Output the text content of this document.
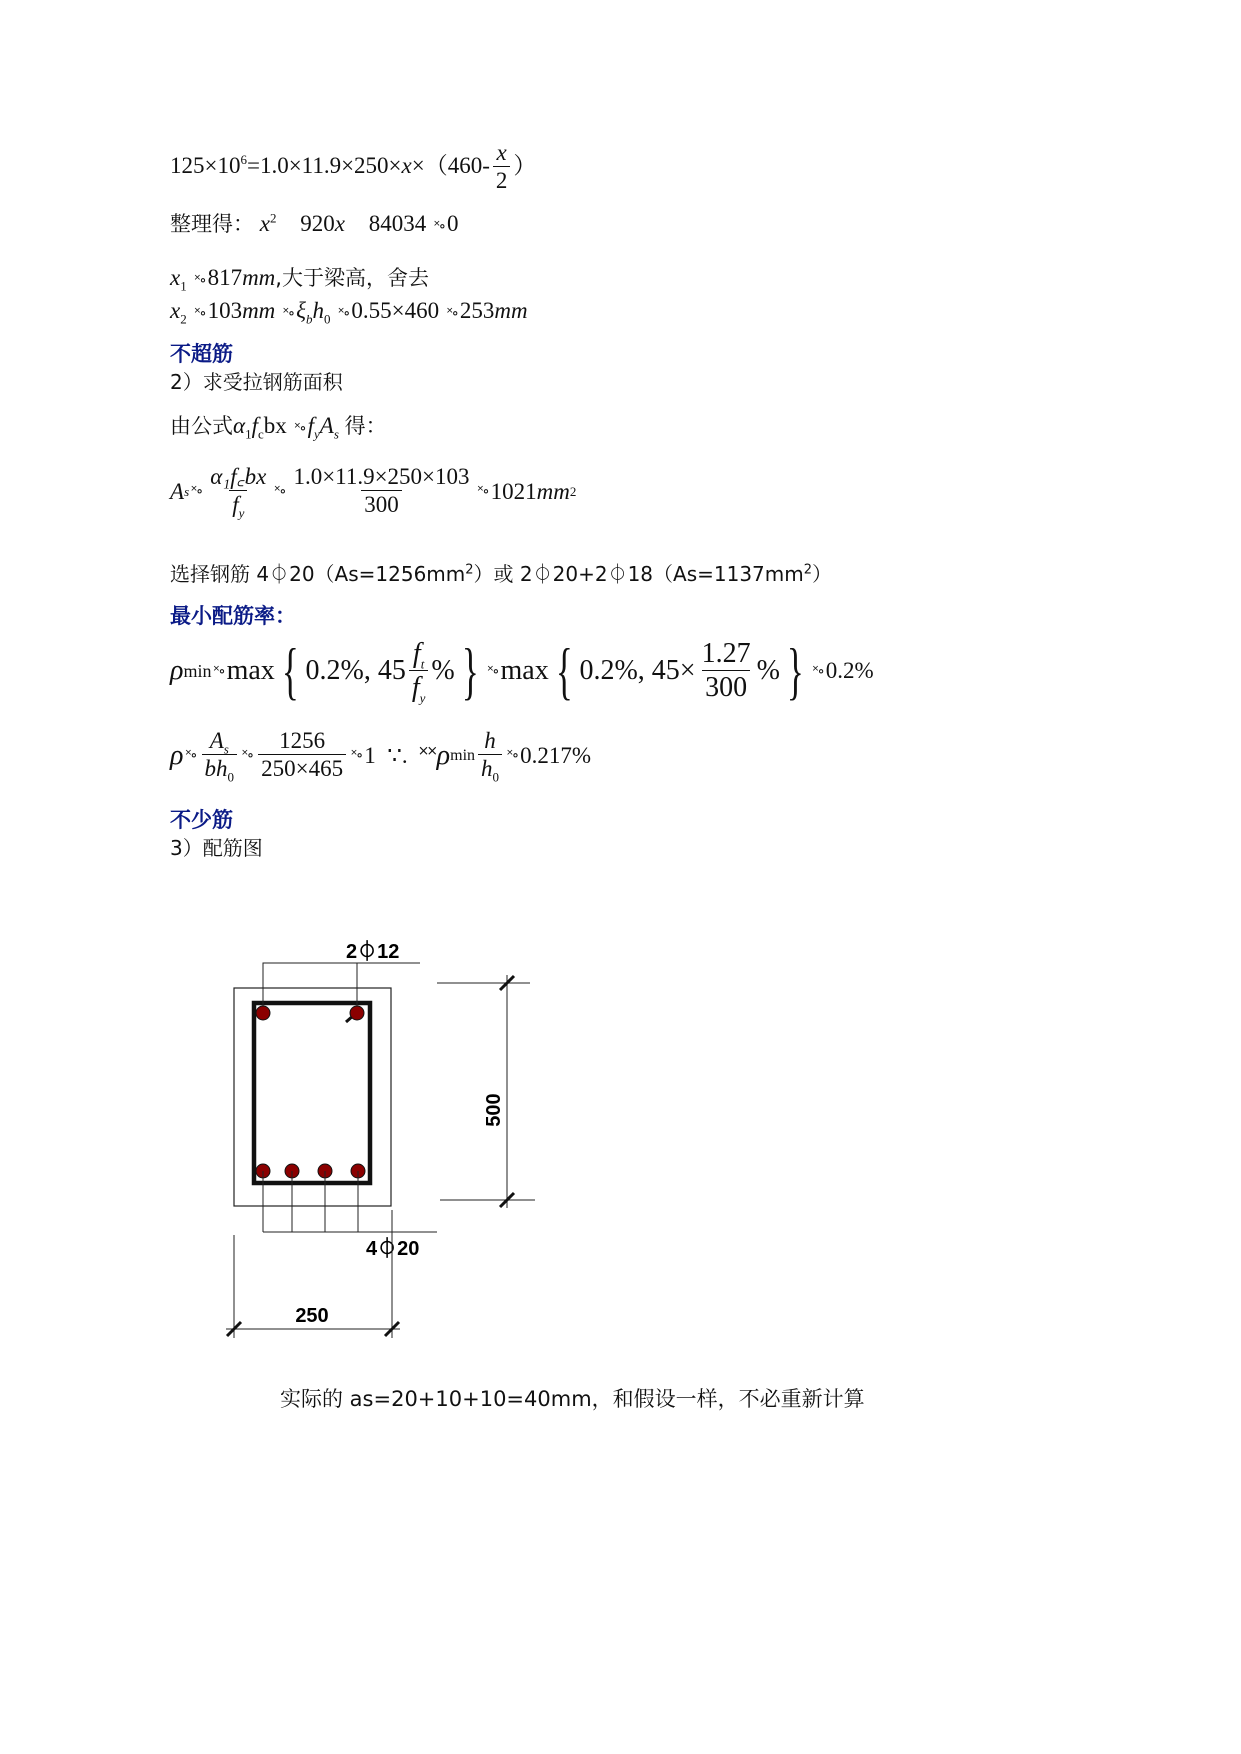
$125\times 10^6=1.0\times 11.9\times 250\times x\times(460- \frac{x}{2}$ ）
整理得： $x^2$ 920x 84034 ˟∘0
$x_1$ ˟∘817mm,大于梁高，舍去
$x_2$ ˟∘103mm $˟\circ\xi_bh_0$ ˟∘0.55×460 ˟∘253mm
不超筋
2）求受拉钢筋面积
由公式$\alpha_1f_cbx$ $˟\circ f_yA_s$ 得：
A s ˟∘ $\frac{\text{α₁f꜀bx}}{f_y}$ ˟∘ $\frac{1.0\times 11.9\times 250\times 103}{300}$ ˟∘ 1021 mm 2
选择钢筋 $4⏀20(As=1256mm^2)$或 $2⏀20+2⏀18(As=1137mm^2)$
最小配筋率：
ρ min ˟∘ max { 0.2%, $45 \frac{f_t}{f_y}$ % } ˟∘ max { 0.2%, $45\times \frac{1.27}{300}$ % } ˟∘ 0.2%
ρ ˟∘ $\frac{A_s}{bh_0}$ ˟∘ $\frac{1256}{250\times 465}$ ˟∘ 1  ∵.  ˟˟ ρ $\min \frac{h}{h_0}$ ˟∘ 0.217%
不少筋
3）配筋图
2⏀12
4⏀20
500
250
实际的 as=20+10+10=40mm，和假设一样，不必重新计算
